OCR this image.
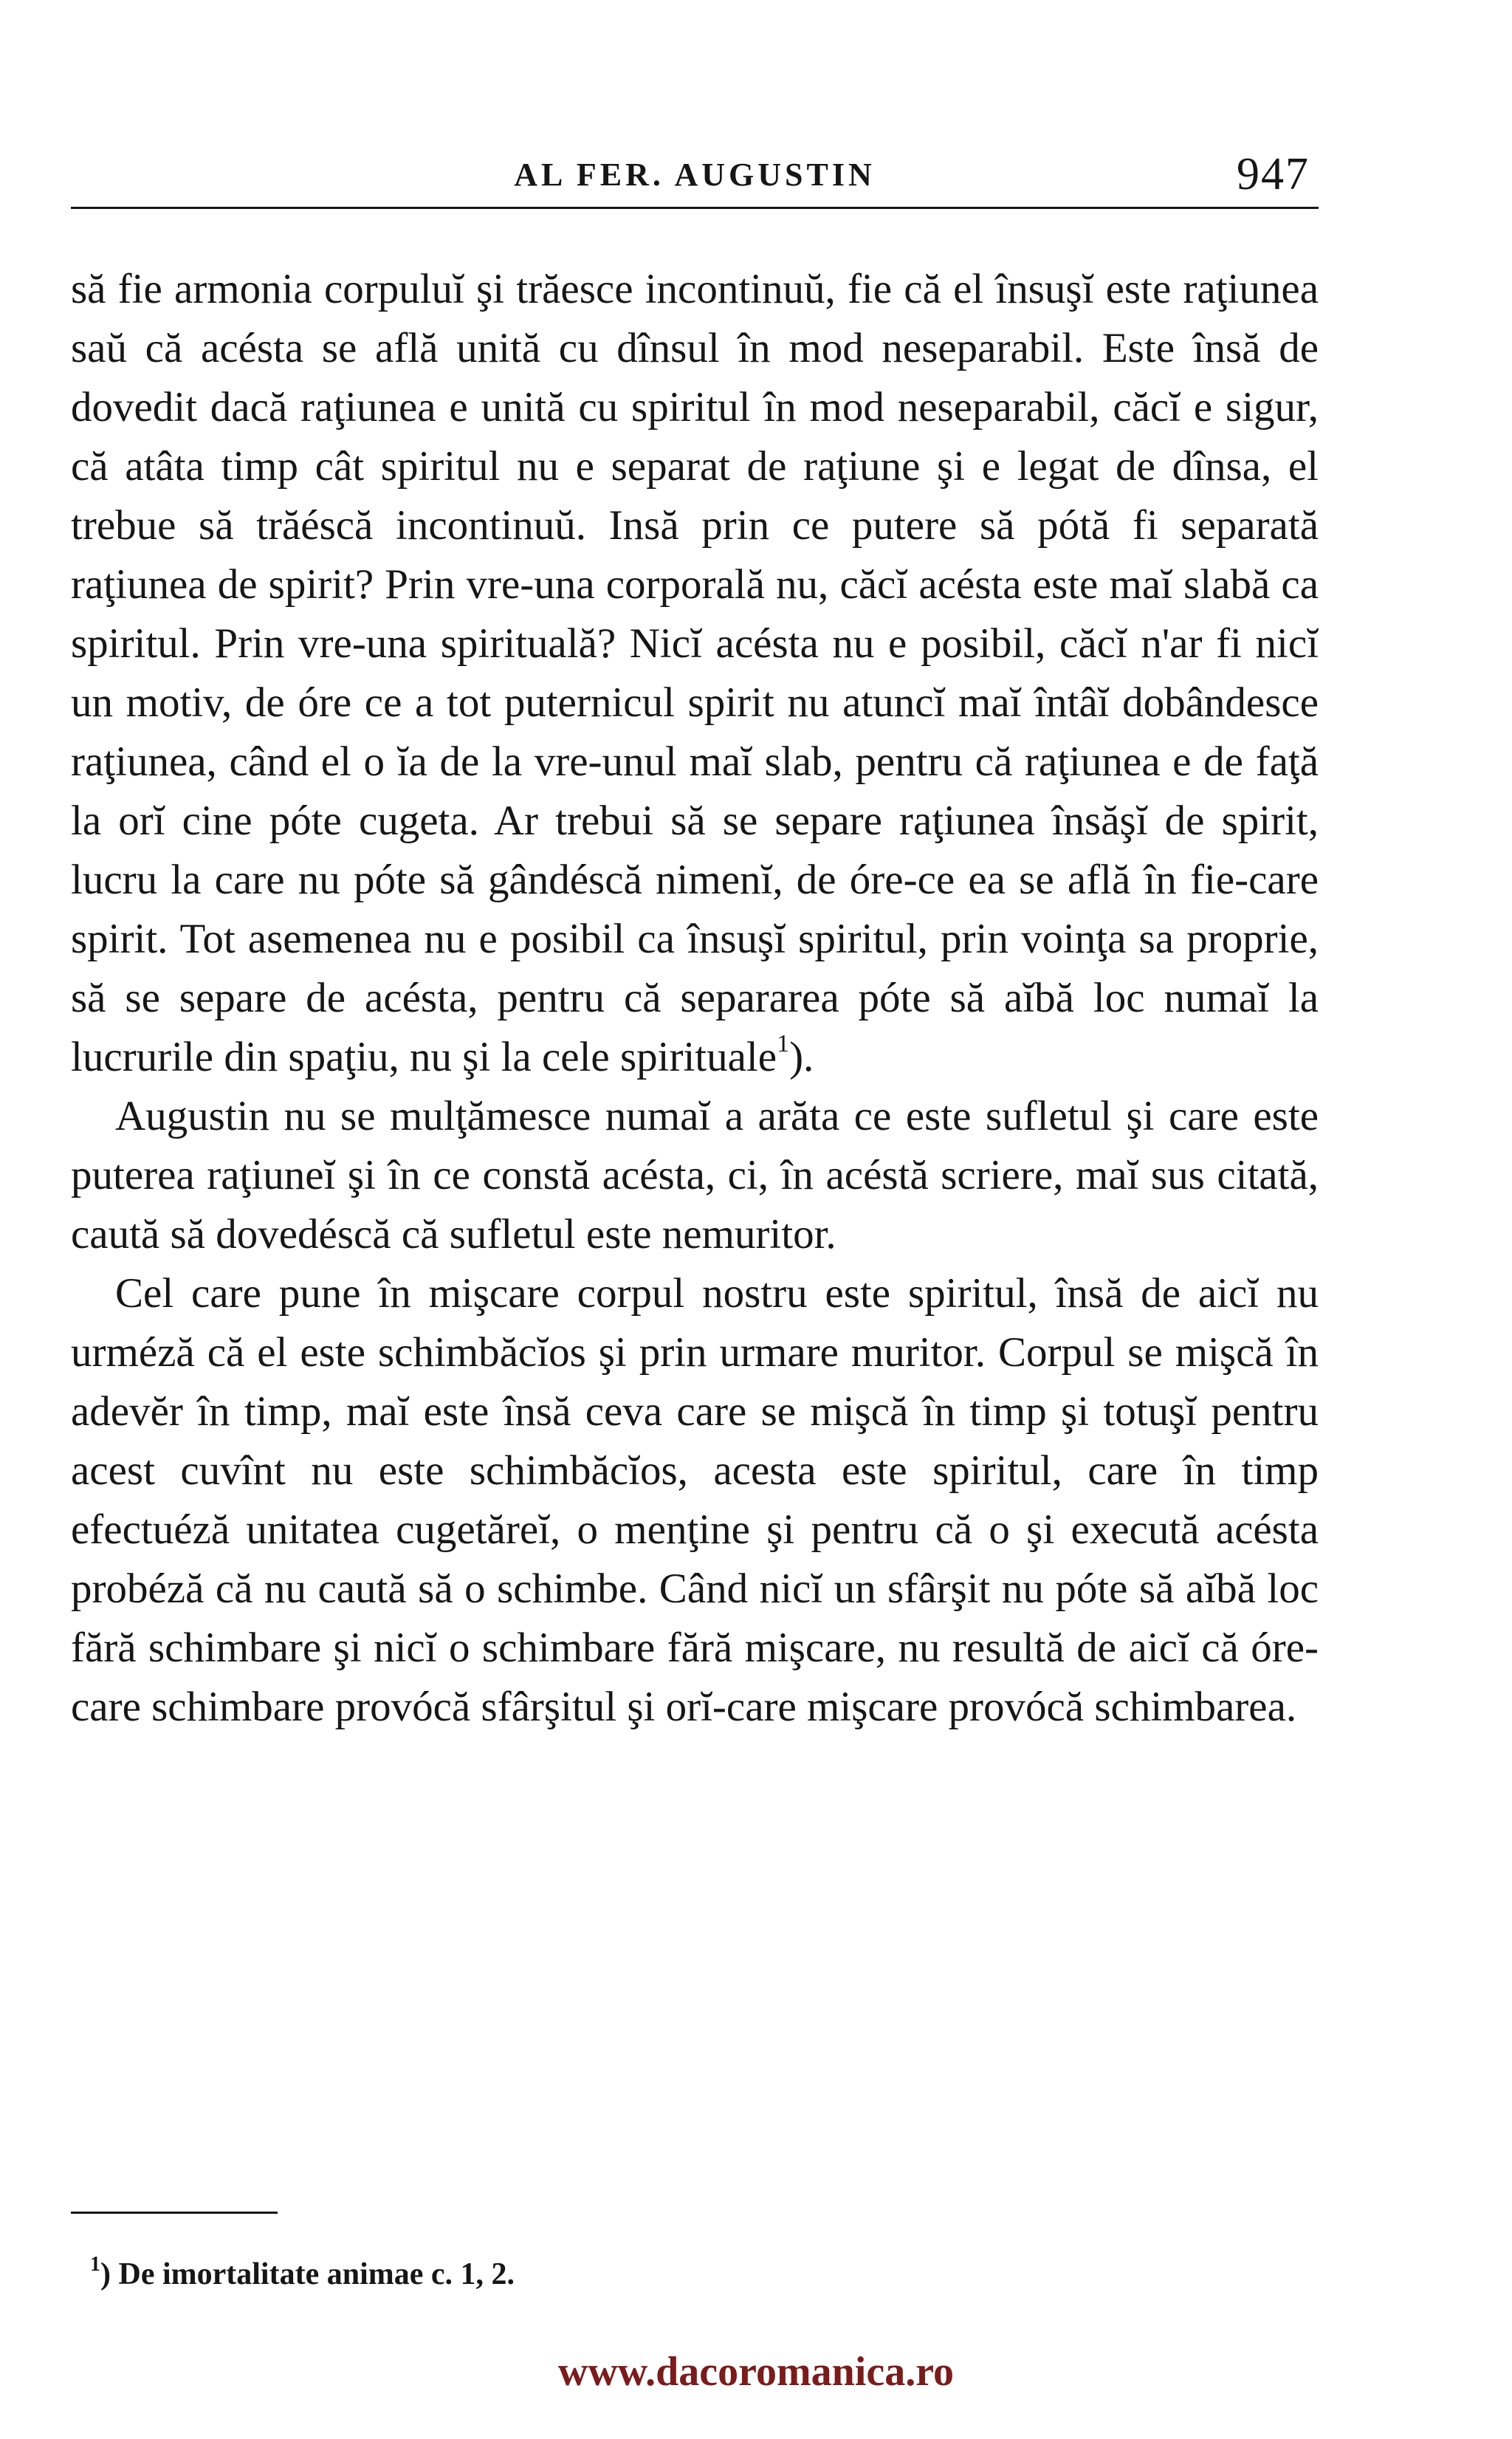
AL FER. AUGUSTIN	947

să fie armonia corpuluĭ şi trăesce incontinuŭ, fie că el însuşĭ este raţiunea saŭ că acésta se află unită cu dînsul în mod neseparabil. Este însă de dovedit dacă raţiunea e unită cu spiritul în mod neseparabil, căcĭ e sigur, că atâta timp cât spiritul nu e separat de raţiune şi e legat de dînsa, el trebue să trăéscă incontinuŭ. Insă prin ce putere să pótă fi separată raţiunea de spirit? Prin vre-una corporală nu, căcĭ acésta este maĭ slabă ca spiritul. Prin vre-una spirituală? Nicĭ acésta nu e posibil, căcĭ n'ar fi nicĭ un motiv, de óre ce a tot puternicul spirit nu atuncĭ maĭ întâĭ dobândesce raţiunea, când el o ĭa de la vre-unul maĭ slab, pentru că raţiunea e de faţă la orĭ cine póte cugeta. Ar trebui să se separe raţiunea însăşĭ de spirit, lucru la care nu póte să gândéscă nimenĭ, de óre-ce ea se află în fie-care spirit. Tot asemenea nu e posibil ca însuşĭ spiritul, prin voinţa sa proprie, să se separe de acésta, pentru că separarea póte să aĭbă loc numaĭ la lucrurile din spaţiu, nu şi la cele spirituale$^1$).

Augustin nu se mulţămesce numaĭ a arăta ce este sufletul şi care este puterea raţiuneĭ şi în ce constă acésta, ci, în acéstă scriere, maĭ sus citată, caută să dovedéscă că sufletul este nemuritor.

Cel care pune în mişcare corpul nostru este spiritul, însă de aicĭ nu urméză că el este schimbăcĭos şi prin urmare muritor. Corpul se mişcă în adevĕr în timp, maĭ este însă ceva care se mişcă în timp şi totuşĭ pentru acest cuvînt nu este schimbăcĭos, acesta este spiritul, care în timp efectuéză unitatea cugetăreĭ, o menţine şi pentru că o şi execută acésta probéză că nu caută să o schimbe. Când nicĭ un sfârşit nu póte să aĭbă loc fără schimbare şi nicĭ o schimbare fără mişcare, nu resultă de aicĭ că óre-care schimbare provócă sfârşitul şi orĭ-care mişcare provócă schimbarea.

$^1$) De imortalitate animae c. 1, 2.
www.dacoromanica.ro
